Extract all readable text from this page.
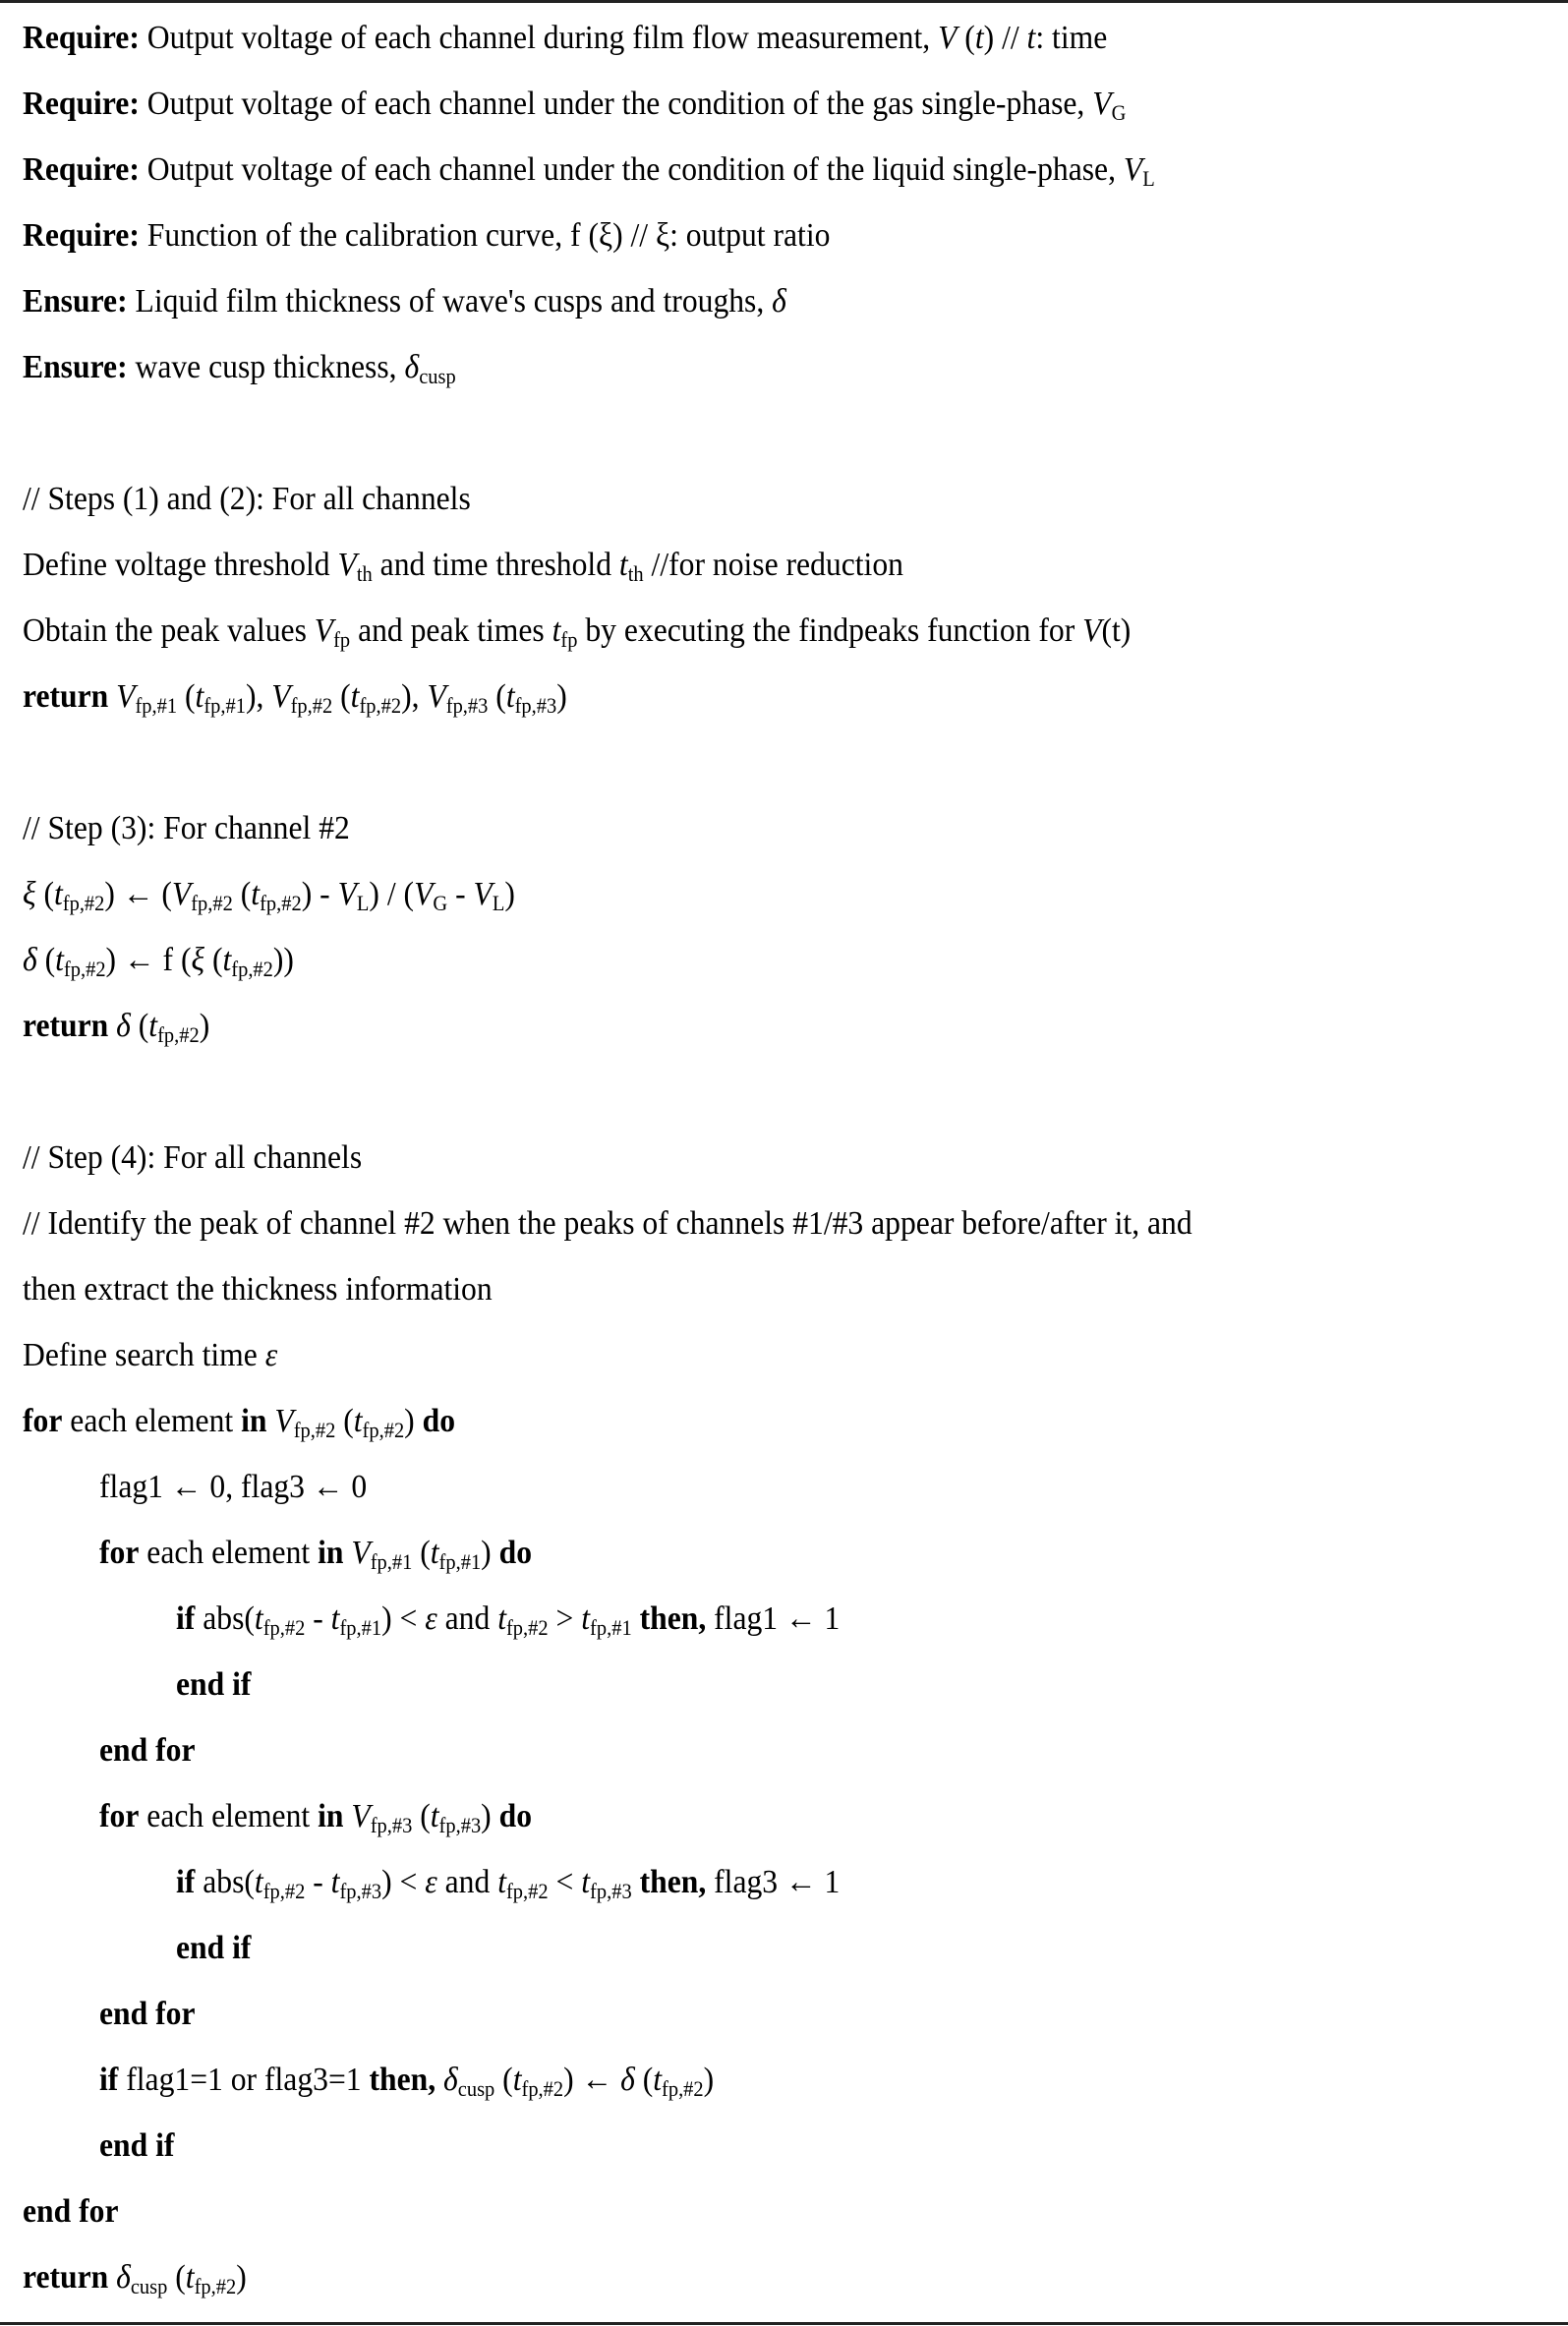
Require: Output voltage of each channel during film flow measurement, V (t) // t: time
Require: Output voltage of each channel under the condition of the gas single-phase, $V_G$
Require: Output voltage of each channel under the condition of the liquid single-phase, $V_L$
Require: Function of the calibration curve, f (ξ) // ξ: output ratio
Ensure: Liquid film thickness of wave's cusps and troughs, δ
Ensure: wave cusp thickness, $\delta_{cusp}$
// Steps (1) and (2): For all channels
Define voltage threshold $V_{th}$ and time threshold $t_{th}$ //for noise reduction
Obtain the peak values $V_{fp}$ and peak times $t_{fp}$ by executing the findpeaks function for V(t)
return $V_{fp,\#1}$ $(t_{fp,\#1})$, $V_{fp,\#2}$ $(t_{fp,\#2})$, $V_{fp,\#3}$ $(t_{fp,\#3})$
// Step (3): For channel #2
ξ $(t_{fp,\#2})$ ← ($V_{fp,\#2}$ $(t_{fp,\#2}) - V_L) / (V_G - V_L)$
δ $(t_{fp,\#2})$ ← f (ξ $(t_{fp,\#2})$)
return δ $(t_{fp,\#2})$
// Step (4): For all channels
// Identify the peak of channel #2 when the peaks of channels #1/#3 appear before/after it, and
then extract the thickness information
Define search time ε
for each element in $V_{fp,\#2}$ $(t_{fp,\#2})$ do
flag1 ← 0, flag3 ← 0
for each element in $V_{fp,\#1}$ $(t_{fp,\#1})$ do
if $abs(t_{fp,\#2} - t_{fp,\#1}) < \varepsilon$ and $t_{fp,\#2} > t_{fp,\#1}$ then, flag1 ← 1
end if
end for
for each element in $V_{fp,\#3}$ $(t_{fp,\#3})$ do
if $abs(t_{fp,\#2} - t_{fp,\#3}) < \varepsilon$ and $t_{fp,\#2} < t_{fp,\#3}$ then, flag3 ← 1
end if
end for
if flag1=1 or flag3=1 then, $\delta_{cusp}$ $(t_{fp,\#2})$ ← δ $(t_{fp,\#2})$
end if
end for
return $\delta_{cusp}$ $(t_{fp,\#2})$
